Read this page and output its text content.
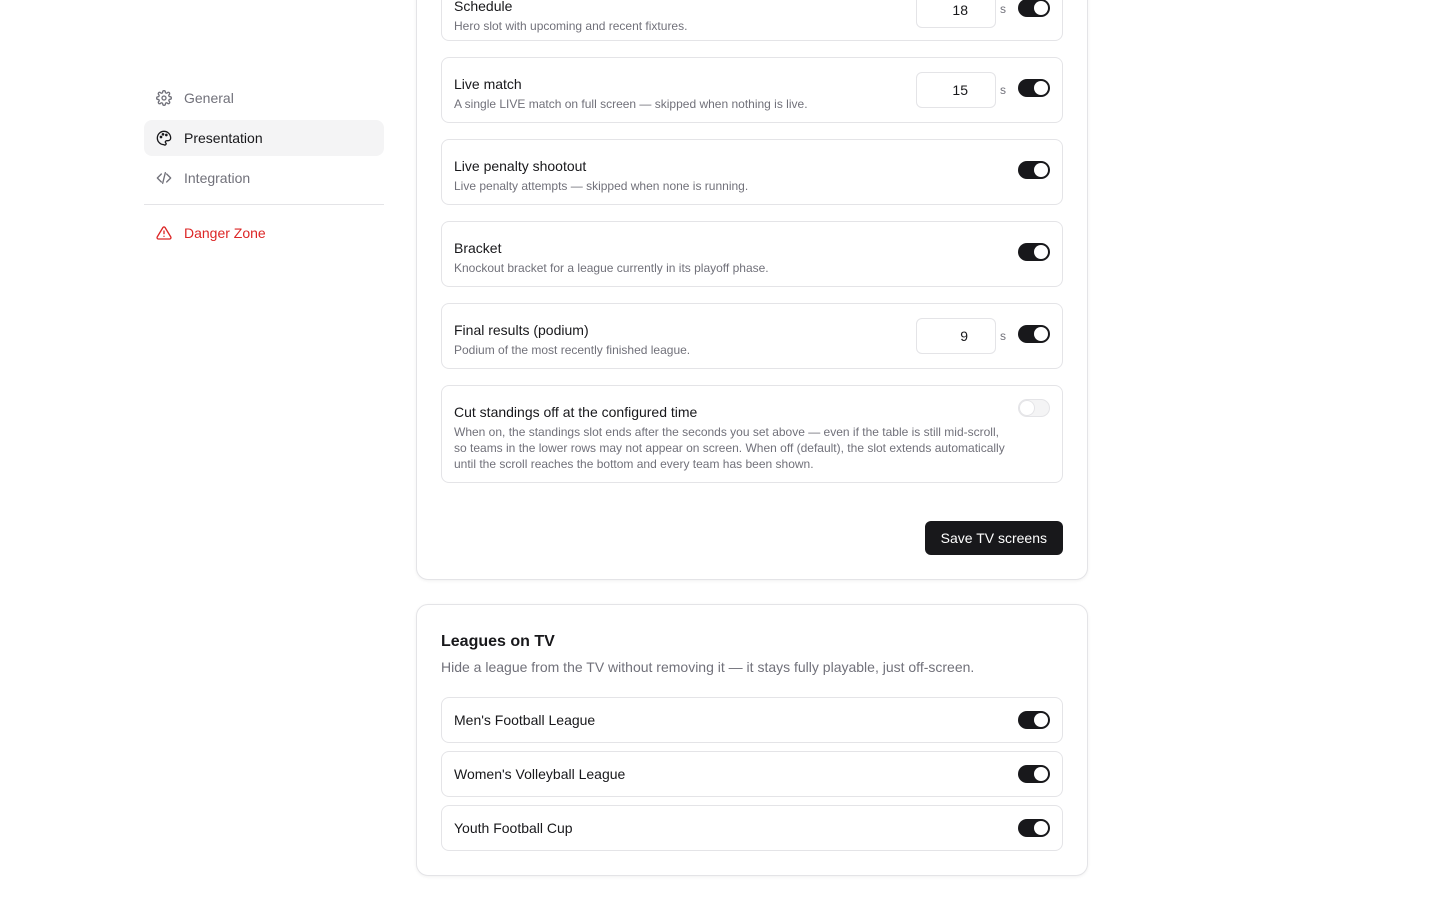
General
Presentation
Integration
Danger Zone
Schedule
Hero slot with upcoming and recent fixtures.
18	s
Live match
A single LIVE match on full screen — skipped when nothing is live.
15	s
Live penalty shootout
Live penalty attempts — skipped when none is running.
Bracket
Knockout bracket for a league currently in its playoff phase.
Final results (podium)
Podium of the most recently finished league.
9	s
Cut standings off at the configured time
When on, the standings slot ends after the seconds you set above — even if the table is still mid-scroll, so teams in the lower rows may not appear on screen. When off (default), the slot extends automatically until the scroll reaches the bottom and every team has been shown.
Save TV screens
Leagues on TV

Hide a league from the TV without removing it — it stays fully playable, just off-screen.

Men's Football League
Women's Volleyball League
Youth Football Cup
